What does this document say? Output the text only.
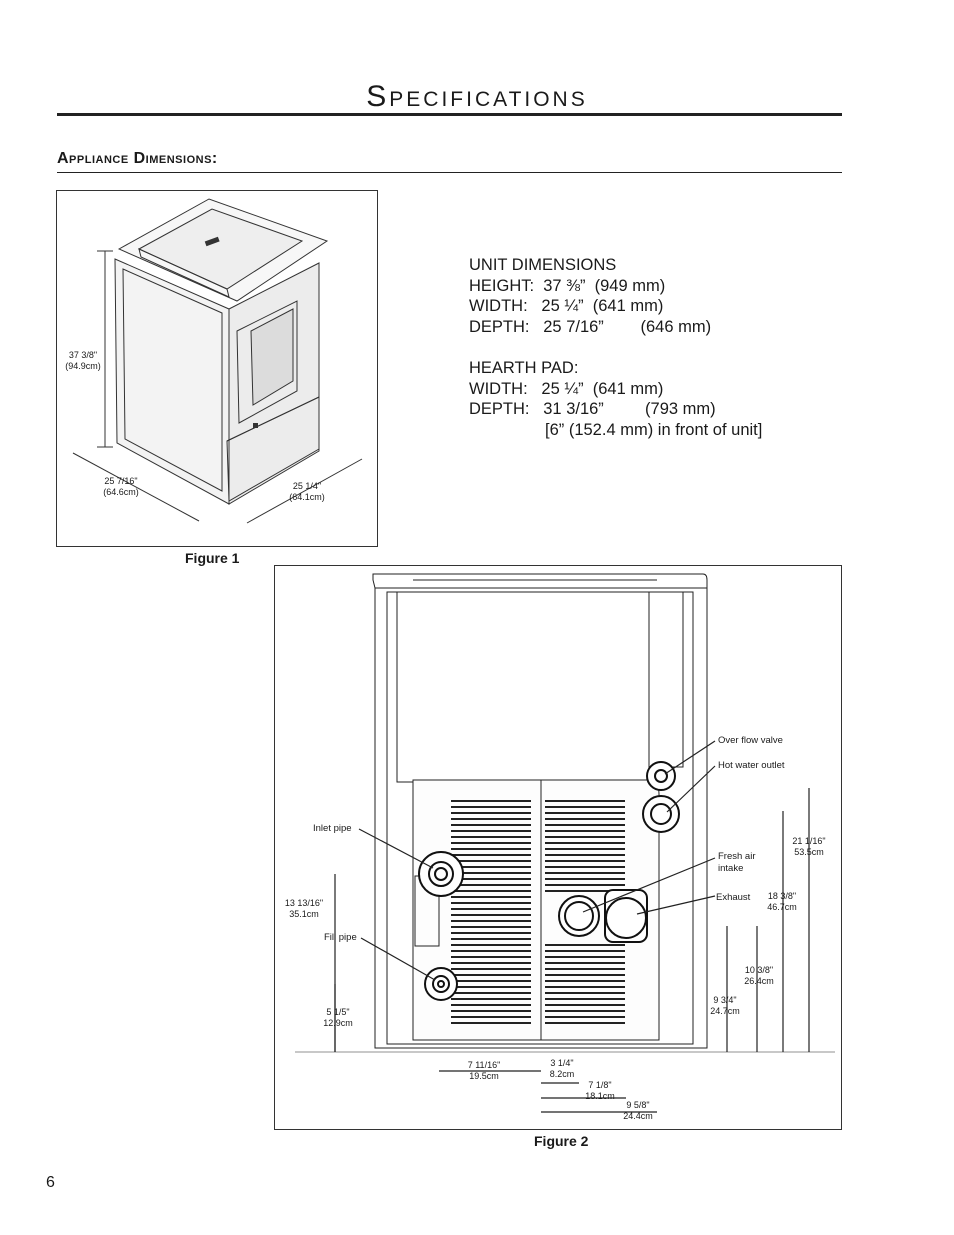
Specifications
Appliance Dimensions:
37 3/8"
(94.9cm)
25 7/16"
(64.6cm)
25 1/4"
(64.1cm)
Figure 1
UNIT DIMENSIONS
HEIGHT:  37 ⅜”  (949 mm)
WIDTH:   25 ¼”  (641 mm)
DEPTH:   25 7/16”        (646 mm)
HEARTH PAD:
WIDTH:   25 ¼”  (641 mm)
DEPTH:   31 3/16”         (793 mm)
[6” (152.4 mm) in front of unit]
Over flow valve
Hot water outlet
Inlet pipe
Fresh air intake
Exhaust
Fill pipe
21 1/16"
53.5cm
18 3/8"
46.7cm
10 3/8"
26.4cm
9 3/4"
24.7cm
13 13/16"
35.1cm
5 1/5"
12.9cm
7 11/16"
19.5cm
3 1/4"
8.2cm
7 1/8"
18.1cm
9 5/8"
24.4cm
Figure 2
6
